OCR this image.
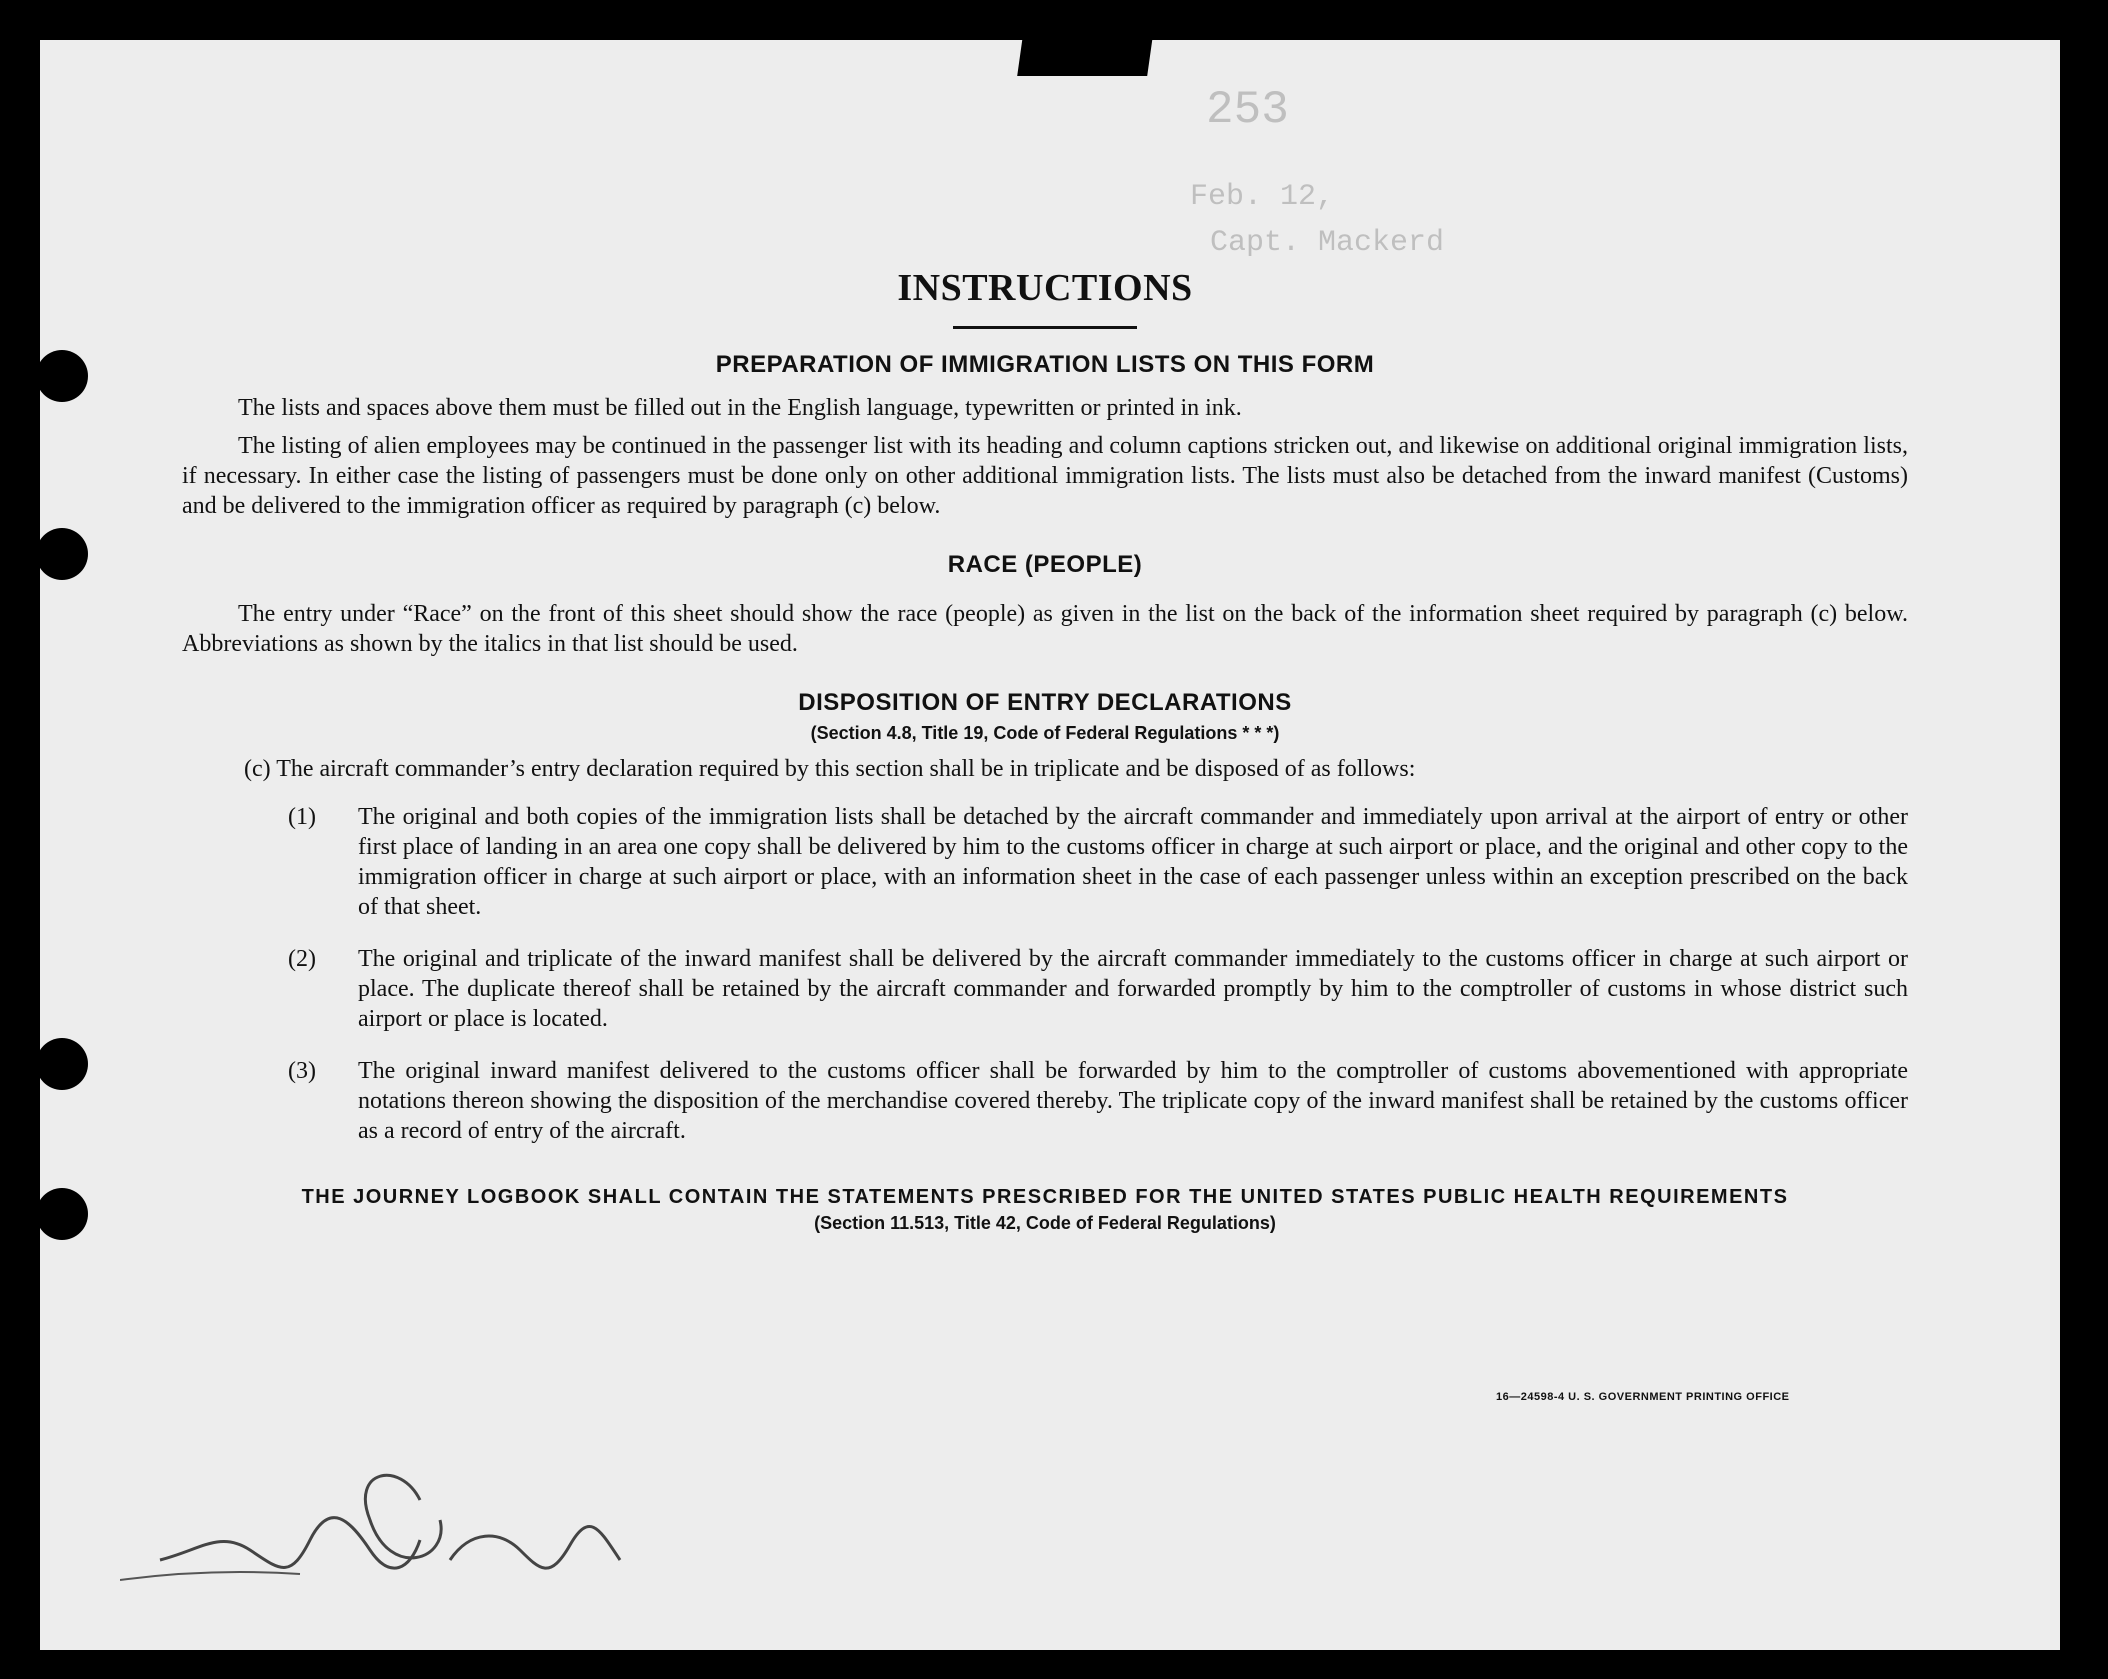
253
Feb. 12,
Capt. Mackerd
INSTRUCTIONS
PREPARATION OF IMMIGRATION LISTS ON THIS FORM

The lists and spaces above them must be filled out in the English language, typewritten or printed in ink.

The listing of alien employees may be continued in the passenger list with its heading and column captions stricken out, and likewise on additional original immigration lists, if necessary. In either case the listing of passengers must be done only on other additional immigration lists. The lists must also be detached from the inward manifest (Customs) and be delivered to the immigration officer as required by paragraph (c) below.

RACE (PEOPLE)

The entry under “Race” on the front of this sheet should show the race (people) as given in the list on the back of the information sheet required by paragraph (c) below. Abbreviations as shown by the italics in that list should be used.

DISPOSITION OF ENTRY DECLARATIONS
(Section 4.8, Title 19, Code of Federal Regulations * * *)
(c) The aircraft commander’s entry declaration required by this section shall be in triplicate and be disposed of as follows:
(1) The original and both copies of the immigration lists shall be detached by the aircraft commander and immediately upon arrival at the airport of entry or other first place of landing in an area one copy shall be delivered by him to the customs officer in charge at such airport or place, and the original and other copy to the immigration officer in charge at such airport or place, with an information sheet in the case of each passenger unless within an exception prescribed on the back of that sheet.

(2) The original and triplicate of the inward manifest shall be delivered by the aircraft commander immediately to the customs officer in charge at such airport or place. The duplicate thereof shall be retained by the aircraft commander and forwarded promptly by him to the comptroller of customs in whose district such airport or place is located.

(3) The original inward manifest delivered to the customs officer shall be forwarded by him to the comptroller of customs abovementioned with appropriate notations thereon showing the disposition of the merchandise covered thereby. The triplicate copy of the inward manifest shall be retained by the customs officer as a record of entry of the aircraft.

THE JOURNEY LOGBOOK SHALL CONTAIN THE STATEMENTS PRESCRIBED FOR THE UNITED STATES PUBLIC HEALTH REQUIREMENTS
(Section 11.513, Title 42, Code of Federal Regulations)
16—24598-4 U. S. GOVERNMENT PRINTING OFFICE
